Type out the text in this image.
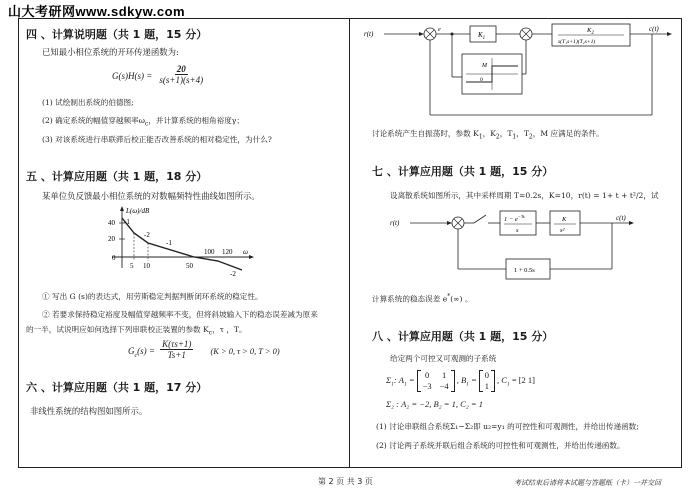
山大考研网www.sdkyw.com
四 、计算说明题（共 1 题，15 分）
已知最小相位系统的开环传递函数为:
$G(s)H(s) = \frac{20}{s(s+1)(s+4)}$
(1) 试绘制出系统的伯德图;
(2) 确定系统的幅值穿越频率$\omega_c$，并计算系统的相角裕度γ；
(3) 对该系统进行串联滞后校正能否改善系统的相对稳定性，为什么?
五 、计算应用题（共 1 题，18 分）
某单位负反馈最小相位系统的对数幅频特性曲线如图所示。
L(ω)/dB
40
20
0
5 10	50
100 120 ω
-1
-2
-1
-2
① 写出 G (s)的表达式，用劳斯稳定判据判断闭环系统的稳定性。
② 若要求保持稳定裕度及幅值穿越频率不变，但将斜坡输入下的稳态误差减为原来
的一半，试说明应如何选择下列串联校正装置的参数 $K_c$，τ ，T。
$G_c(s) = \frac{K(\tau s+1)}{Ts+1} (K > 0$, τ > 0, T > 0)
六 、计算应用题（共 1 题，17 分）
非线性系统的结构图如图所示。
r(t)	e
$K_1$
$K_2$
s(T₁s+1)(T₂s+1)
c(t)
M
0
讨论系统产生自振荡时，参数 $K_1$，$K_2$，$T_1$，$T_2$，M 应满足的条件。
七 、计算应用题（共 1 题，15 分）
设离散系统如图所示，其中采样周期 T=0.2s，K=10，r(t) = 1+ t + t²/2，试
r(t)	$1 - e^{-Ts}$
s
K
s²
c(t)
1 + 0.5s
计算系统的稳态误差 e*(∞) 。
八 、计算应用题（共 1 题，15 分）
给定两个可控又可观测的子系统
$\Sigma_1$: $A_1 = 0$ 1
−3 −4
, $B_1 = 0$
1
, $C_1 = [2$ 1]
Σ₂ : A₂ = −2, B₂ = 1, C₂ = 1
(1) 讨论串联组合系统Σ₁−Σ₂即 u₂=y₁ 的可控性和可观测性，并给出传递函数;
(2) 讨论两子系统并联后组合系统的可控性和可观测性，并给出传递函数。
第 2 页 共 3 页	考试结束后请将本试题与答题纸（卡）一并交回
